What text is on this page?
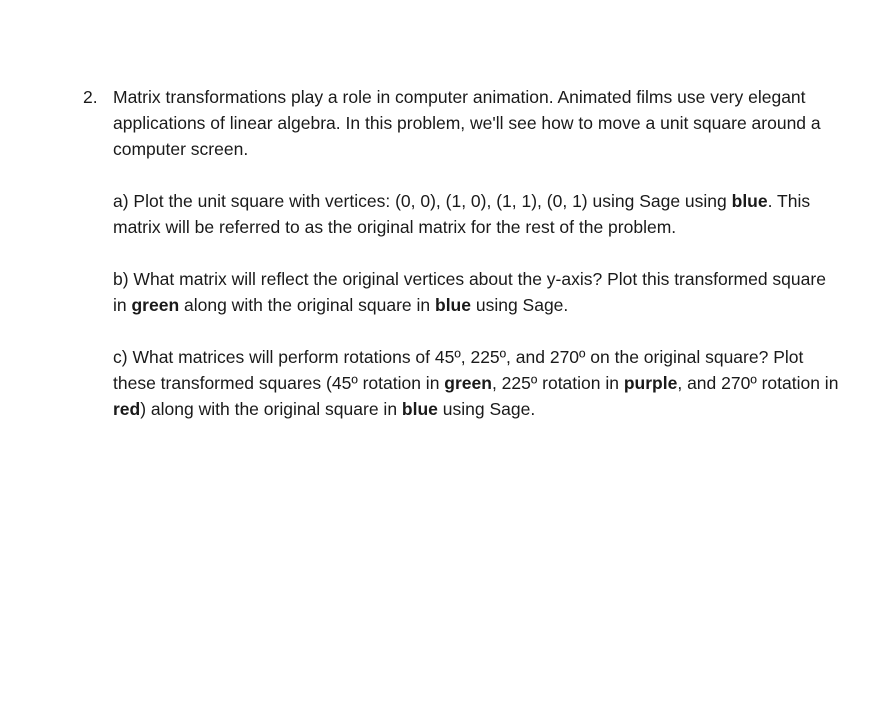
2. Matrix transformations play a role in computer animation. Animated films use very elegant applications of linear algebra. In this problem, we'll see how to move a unit square around a computer screen.

a) Plot the unit square with vertices: (0, 0), (1, 0), (1, 1), (0, 1) using Sage using blue. This matrix will be referred to as the original matrix for the rest of the problem.

b) What matrix will reflect the original vertices about the y-axis? Plot this transformed square in green along with the original square in blue using Sage.

c) What matrices will perform rotations of 45º, 225º, and 270º on the original square? Plot these transformed squares (45º rotation in green, 225º rotation in purple, and 270º rotation in red) along with the original square in blue using Sage.
